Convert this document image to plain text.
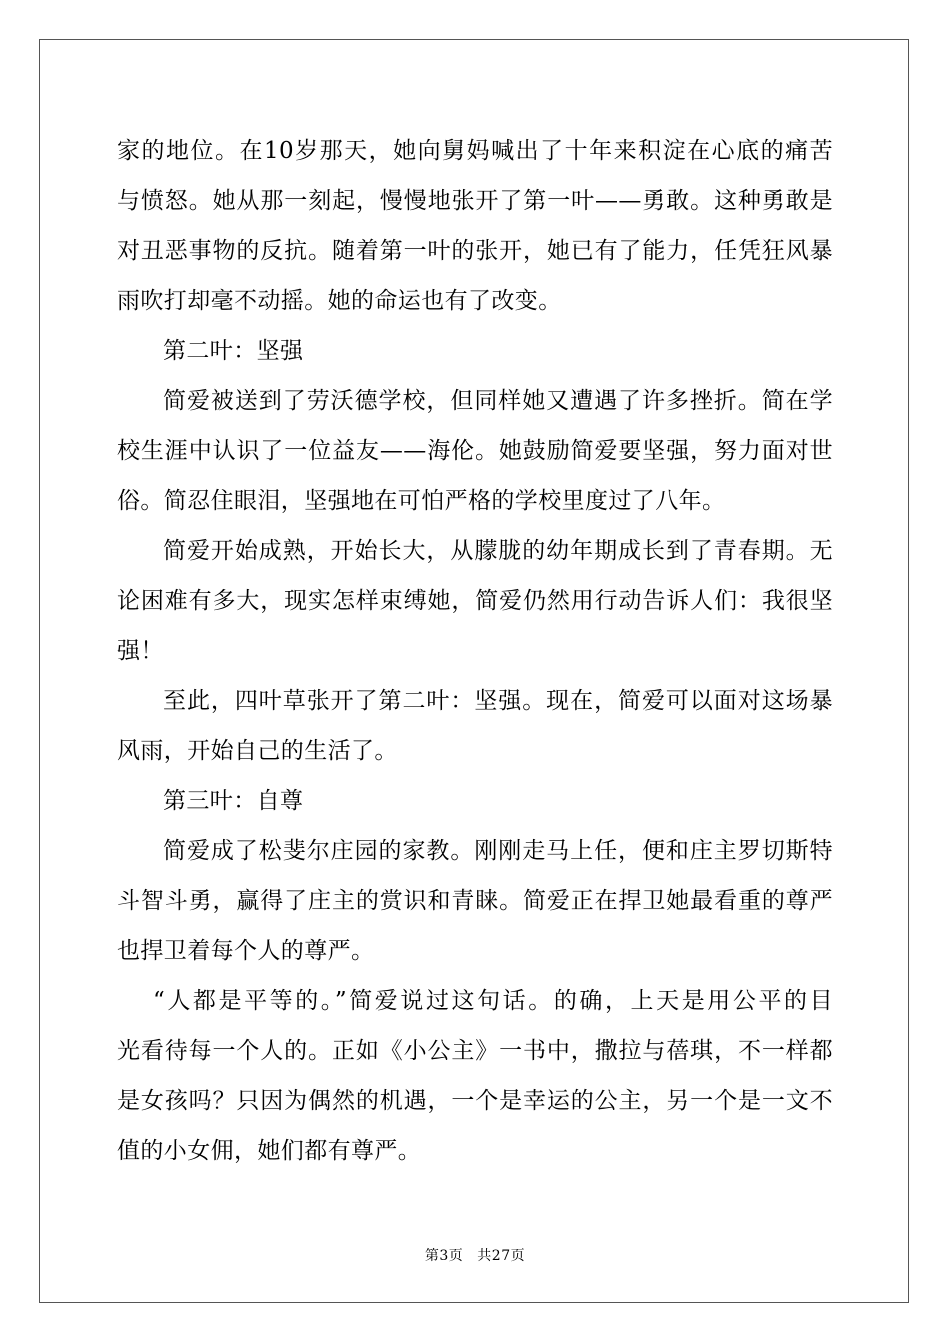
家的地位。在10岁那天，她向舅妈喊出了十年来积淀在心底的痛苦
与愤怒。她从那一刻起，慢慢地张开了第一叶——勇敢。这种勇敢是
对丑恶事物的反抗。随着第一叶的张开，她已有了能力，任凭狂风暴
雨吹打却毫不动摇。她的命运也有了改变。
第二叶：坚强
简爱被送到了劳沃德学校，但同样她又遭遇了许多挫折。简在学
校生涯中认识了一位益友——海伦。她鼓励简爱要坚强，努力面对世
俗。简忍住眼泪，坚强地在可怕严格的学校里度过了八年。
简爱开始成熟，开始长大，从朦胧的幼年期成长到了青春期。无
论困难有多大，现实怎样束缚她，简爱仍然用行动告诉人们：我很坚
强！
至此，四叶草张开了第二叶：坚强。现在，简爱可以面对这场暴
风雨，开始自己的生活了。
第三叶：自尊
简爱成了松斐尔庄园的家教。刚刚走马上任，便和庄主罗切斯特
斗智斗勇，赢得了庄主的赏识和青睐。简爱正在捍卫她最看重的尊严
也捍卫着每个人的尊严。
“人都是平等的。”简爱说过这句话。的确，上天是用公平的目
光看待每一个人的。正如《小公主》一书中，撒拉与蓓琪，不一样都
是女孩吗？只因为偶然的机遇，一个是幸运的公主，另一个是一文不
值的小女佣，她们都有尊严。
第3页 共27页
